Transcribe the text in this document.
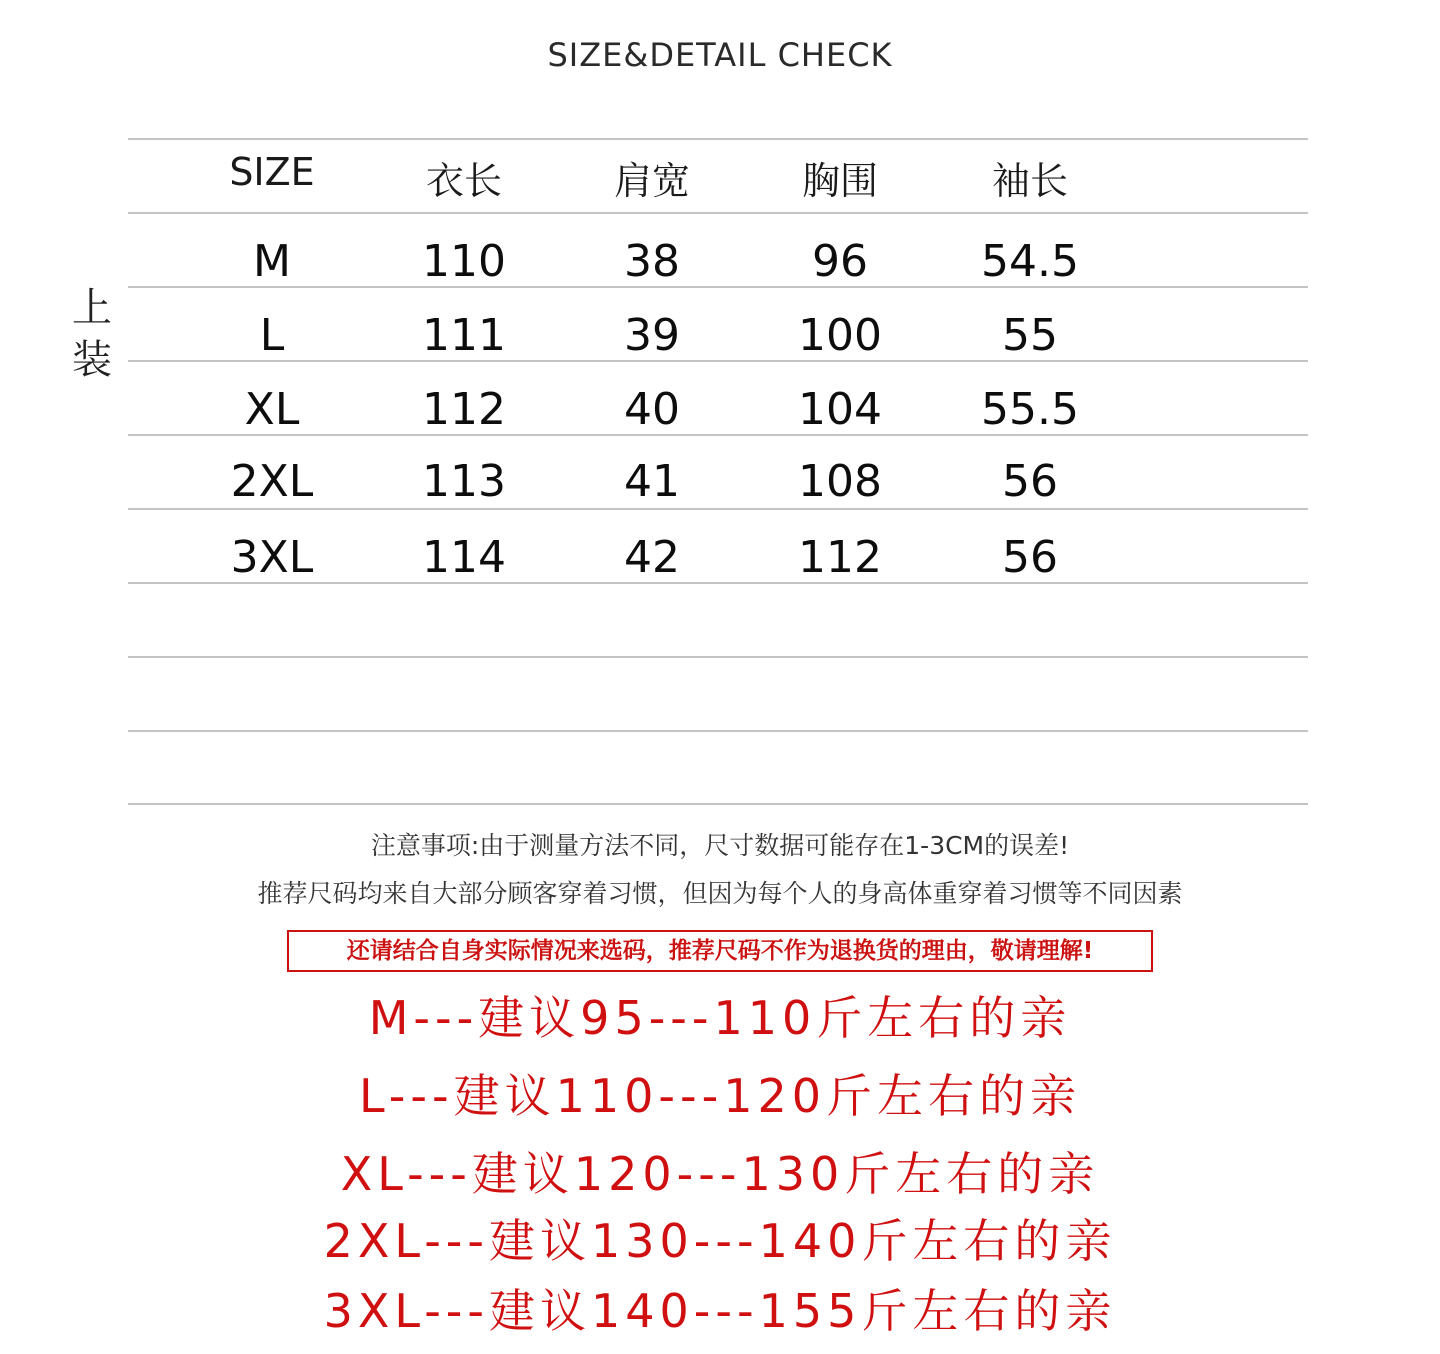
SIZE&DETAIL CHECK
上
装
SIZE	衣长	肩宽	胸围	袖长
M	110	38	96	54.5
L	111	39	100	55
XL	112	40	104	55.5
2XL	113	41	108	56
3XL	114	42	112	56
注意事项:由于测量方法不同，尺寸数据可能存在1-3CM的误差!
推荐尺码均来自大部分顾客穿着习惯，但因为每个人的身高体重穿着习惯等不同因素
还请结合自身实际情况来选码，推荐尺码不作为退换货的理由，敬请理解!
M---建议95---110斤左右的亲
L---建议110---120斤左右的亲
XL---建议120---130斤左右的亲
2XL---建议130---140斤左右的亲
3XL---建议140---155斤左右的亲
